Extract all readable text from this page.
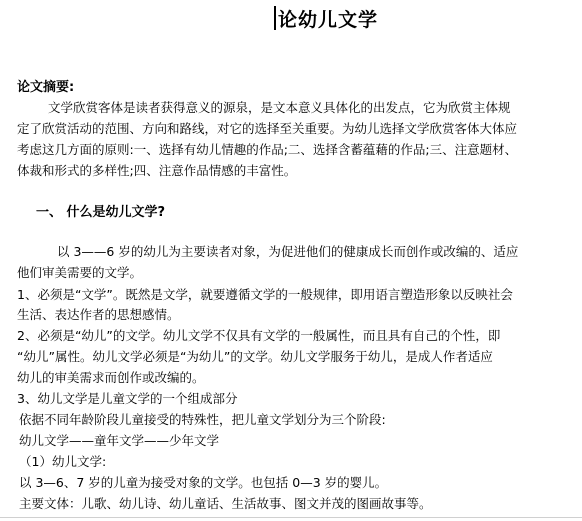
论幼儿文学
论文摘要:
文学欣赏客体是读者获得意义的源泉，是文本意义具体化的出发点，它为欣赏主体规
定了欣赏活动的范围、方向和路线，对它的选择至关重要。为幼儿选择文学欣赏客体大体应
考虑这几方面的原则:一、选择有幼儿情趣的作品;二、选择含蓄蕴藉的作品;三、注意题材、
体裁和形式的多样性;四、注意作品情感的丰富性。
一、 什么是幼儿文学?
以 3——6 岁的幼儿为主要读者对象，为促进他们的健康成长而创作或改编的、适应
他们审美需要的文学。
1、必须是“文学”。既然是文学，就要遵循文学的一般规律，即用语言塑造形象以反映社会
生活、表达作者的思想感情。
2、必须是“幼儿”的文学。幼儿文学不仅具有文学的一般属性，而且具有自己的个性，即
“幼儿”属性。幼儿文学必须是“为幼儿”的文学。幼儿文学服务于幼儿，是成人作者适应
幼儿的审美需求而创作或改编的。
3、幼儿文学是儿童文学的一个组成部分
依据不同年龄阶段儿童接受的特殊性，把儿童文学划分为三个阶段:
幼儿文学——童年文学——少年文学
（1）幼儿文学:
以 3—6、7 岁的儿童为接受对象的文学。也包括 0—3 岁的婴儿。
主要文体：儿歌、幼儿诗、幼儿童话、生活故事、图文并茂的图画故事等。
